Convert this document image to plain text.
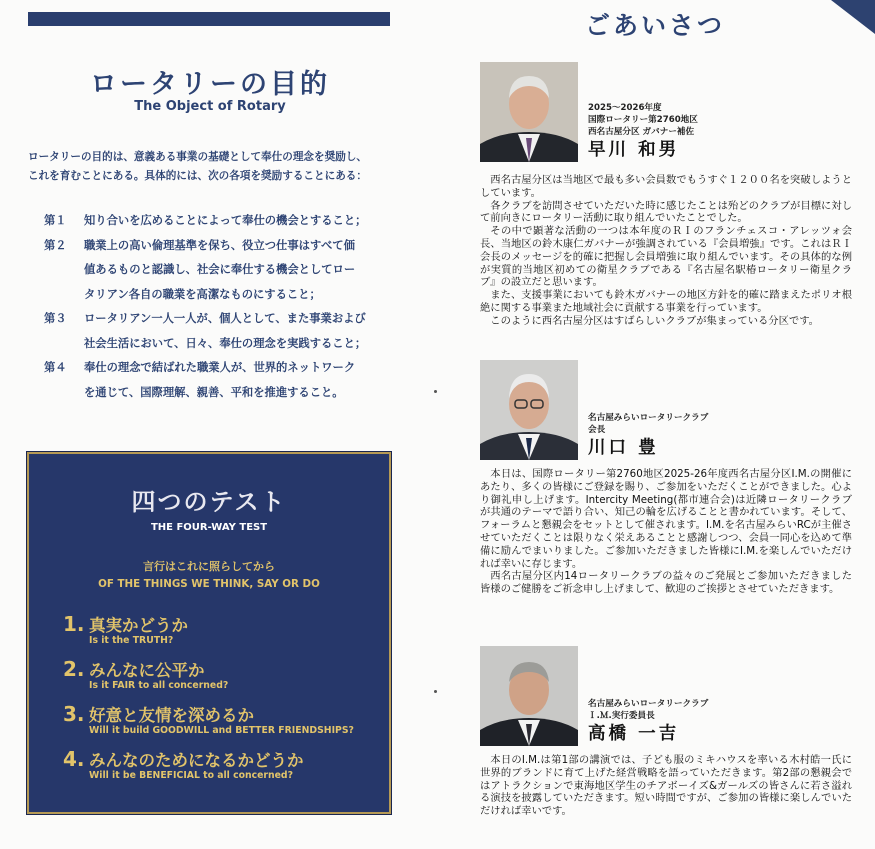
ロータリーの目的
The Object of Rotary
ロータリーの目的は、意義ある事業の基礎として奉仕の理念を奨励し、
これを育むことにある。具体的には、次の各項を奨励することにある：
第１	知り合いを広めることによって奉仕の機会とすること；
第２	職業上の高い倫理基準を保ち、役立つ仕事はすべて価
値あるものと認識し、社会に奉仕する機会としてロー
タリアン各自の職業を高潔なものにすること；
第３	ロータリアン一人一人が、個人として、また事業および
社会生活において、日々、奉仕の理念を実践すること；
第４	奉仕の理念で結ばれた職業人が、世界的ネットワーク
を通じて、国際理解、親善、平和を推進すること。
四つのテスト
THE FOUR-WAY TEST
言行はこれに照らしてから
OF THE THINGS WE THINK, SAY OR DO
1. 真実かどうか
Is it the TRUTH?
2. みんなに公平か
Is it FAIR to all concerned?
3. 好意と友情を深めるか
Will it build GOODWILL and BETTER FRIENDSHIPS?
4. みんなのためになるかどうか
Will it be BENEFICIAL to all concerned?
ごあいさつ
2025～2026年度
国際ロータリー第2760地区
西名古屋分区 ガバナー補佐
早川 和男

西名古屋分区は当地区で最も多い会員数でもうすぐ１２００名を突破しようとしています。

各クラブを訪問させていただいた時に感じたことは殆どのクラブが目標に対して前向きにロータリー活動に取り組んでいたことでした。

その中で顕著な活動の一つは本年度のＲＩのフランチェスコ・アレッツォ会長、当地区の鈴木康仁ガバナーが強調されている『会員増強』です。これはＲＩ会長のメッセージを的確に把握し会員増強に取り組んでいます。その具体的な例が実質的当地区初めての衛星クラブである『名古屋名駅椿ロータリー衛星クラブ』の設立だと思います。

また、支援事業においても鈴木ガバナーの地区方針を的確に踏まえたポリオ根絶に関する事業また地域社会に貢献する事業を行っています。

このように西名古屋分区はすばらしいクラブが集まっている分区です。

名古屋みらいロータリークラブ
会長
川口 豊

本日は、国際ロータリー第2760地区2025-26年度西名古屋分区I.M.の開催にあたり、多くの皆様にご登録を賜り、ご参加をいただくことができました。心より御礼申し上げます。Intercity Meeting(都市連合会)は近隣ロータリークラブが共通のテーマで語り合い、知己の輪を広げることと書かれています。そして、フォーラムと懇親会をセットとして催されます。I.M.を名古屋みらいRCが主催させていただくことは限りなく栄えあることと感謝しつつ、会員一同心を込めて準備に励んでまいりました。ご参加いただきました皆様にI.M.を楽しんでいただければ幸いに存じます。

西名古屋分区内14ロータリークラブの益々のご発展とご参加いただきました皆様のご健勝をご祈念申し上げまして、歓迎のご挨拶とさせていただきます。

名古屋みらいロータリークラブ
Ｉ.Ｍ.実行委員長
高橋 一吉

本日のI.M.は第1部の講演では、子ども服のミキハウスを率いる木村皓一氏に世界的ブランドに育て上げた経営戦略を語っていただきます。第2部の懇親会ではアトラクションで東海地区学生のチアボーイズ&ガールズの皆さんに若さ溢れる演技を披露していただきます。短い時間ですが、ご参加の皆様に楽しんでいただければ幸いです。
